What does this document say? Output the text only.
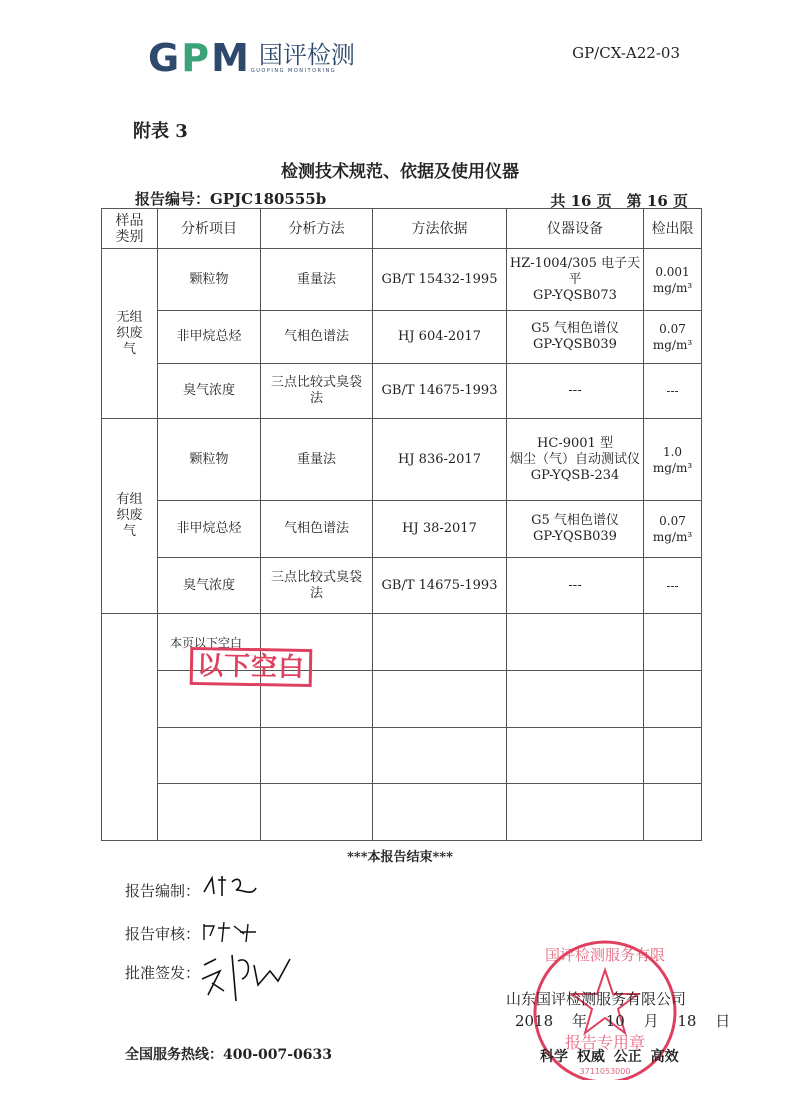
GPM 国评检测
GUOPING MONITORING
GP/CX-A22-03
附表 3
检测技术规范、依据及使用仪器
报告编号：GPJC180555b	共 16 页　第 16 页
样品类别	分析项目	分析方法	方法依据	仪器设备	检出限
无组织废气	颗粒物	重量法	GB/T 15432-1995	HZ-1004/305 电子天平
GP-YQSB073	0.001 mg/m³
	非甲烷总烃	气相色谱法	HJ 604-2017	G5 气相色谱仪
GP-YQSB039	0.07 mg/m³
	臭气浓度	三点比较式臭袋法	GB/T 14675-1993	---	---
有组织废气	颗粒物	重量法	HJ 836-2017	HC-9001 型
烟尘（气）自动测试仪
GP-YQSB-234	1.0 mg/m³
	非甲烷总烃	气相色谱法	HJ 38-2017	G5 气相色谱仪
GP-YQSB039	0.07 mg/m³
	臭气浓度	三点比较式臭袋法	GB/T 14675-1993	---	---

本页以下空白
以下空白
***本报告结束***
报告编制：
报告审核：
批准签发：
报告专用章
3711053000
国评检测服务有限
山东国评检测服务有限公司
2018 年 10 月 18 日
科学 权威 公正 高效
全国服务热线：400-007-0633
